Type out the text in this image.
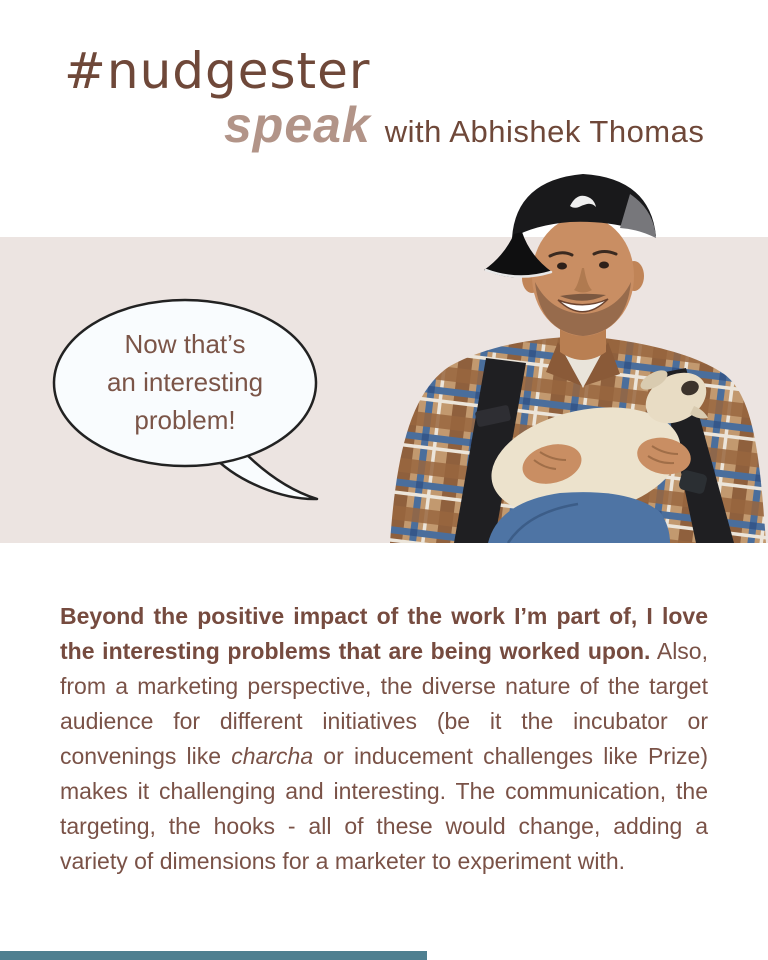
#nudgester
speak with Abhishek Thomas
Now that’s
an interesting
problem!

Beyond the positive impact of the work I’m part of, I love the interesting problems that are being worked upon. Also, from a marketing perspective, the diverse nature of the target audience for different initiatives (be it the incubator or convenings like charcha or inducement challenges like Prize) makes it challenging and interesting. The communication, the targeting, the hooks - all of these would change, adding a variety of dimensions for a marketer to experiment with.
